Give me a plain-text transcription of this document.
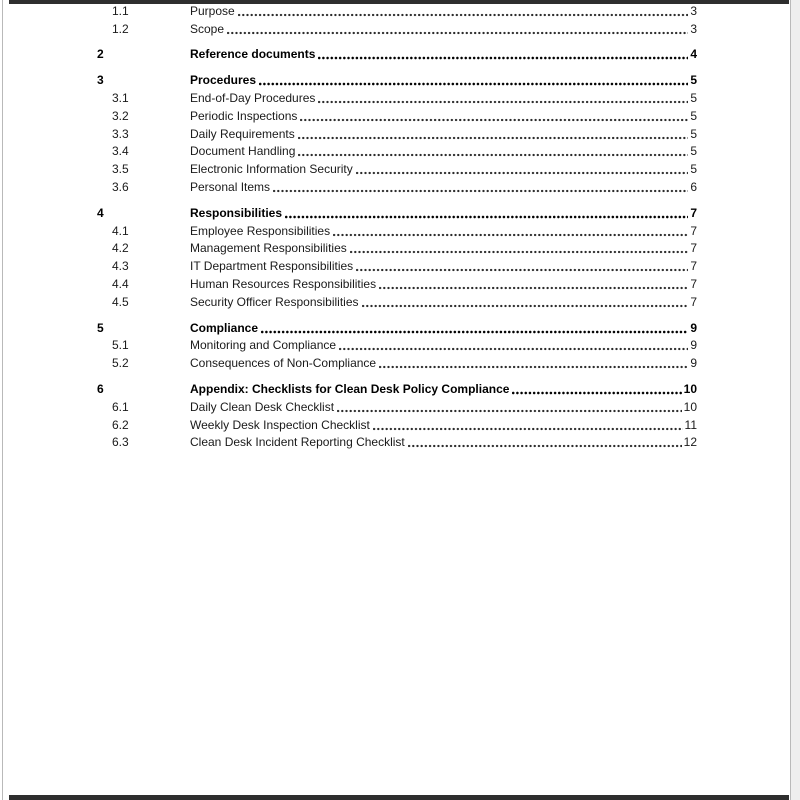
1.1	Purpose	3
1.2	Scope	3
2	Reference documents	4
3	Procedures	5
3.1	End-of-Day Procedures	5
3.2	Periodic Inspections	5
3.3	Daily Requirements	5
3.4	Document Handling	5
3.5	Electronic Information Security	5
3.6	Personal Items	6
4	Responsibilities	7
4.1	Employee Responsibilities	7
4.2	Management Responsibilities	7
4.3	IT Department Responsibilities	7
4.4	Human Resources Responsibilities	7
4.5	Security Officer Responsibilities	7
5	Compliance	9
5.1	Monitoring and Compliance	9
5.2	Consequences of Non-Compliance	9
6	Appendix: Checklists for Clean Desk Policy Compliance	10
6.1	Daily Clean Desk Checklist	10
6.2	Weekly Desk Inspection Checklist	11
6.3	Clean Desk Incident Reporting Checklist	12
